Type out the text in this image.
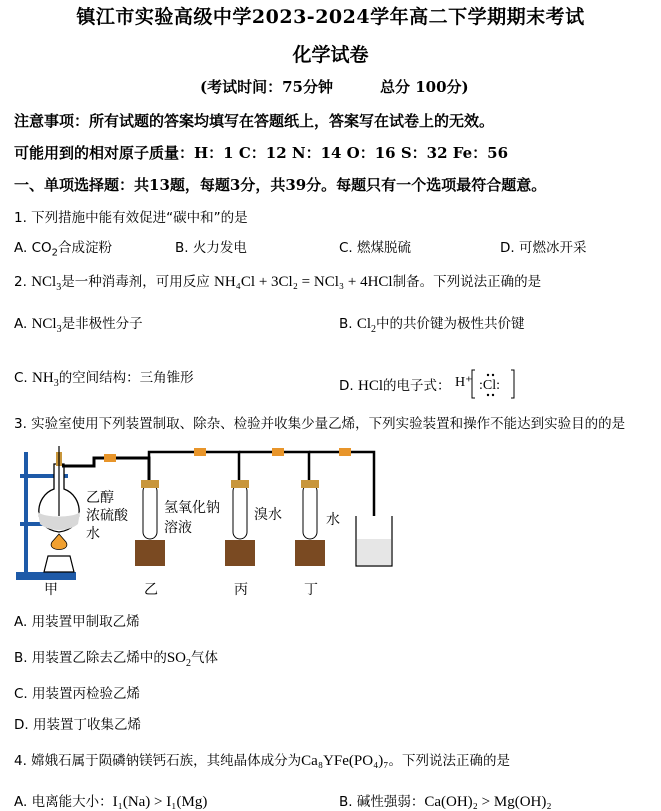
镇江市实验高级中学2023-2024学年高二下学期期末考试
化学试卷
(考试时间：75分钟	总分 100分)
注意事项：所有试题的答案均填写在答题纸上，答案写在试卷上的无效。
可能用到的相对原子质量：H：1 C：12 N：14 O：16 S：32 Fe：56
一、单项选择题：共13题，每题3分，共39分。每题只有一个选项最符合题意。
1. 下列措施中能有效促进“碳中和”的是
A. $CO_2$合成淀粉	B. 火力发电	C. 燃煤脱硫	D. 可燃冰开采
2. NCl$_3$是一种消毒剂，可用反应 NH₄Cl + 3Cl₂ = NCl₃ + 4HCl制备。下列说法正确的是
A. NCl$_3$是非极性分子	B. $Cl_2$中的共价键为极性共价键
C. $NH_3$的空间结构：三角锥形	D. HCl的电子式： H⁺ :Cl:
3. 实验室使用下列装置制取、除杂、检验并收集少量乙烯，下列实验装置和操作不能达到实验目的的是
乙醇
浓硫酸
水
氢氧化钠
溶液
溴水	水
甲	乙	丙	丁
A. 用装置甲制取乙烯
B. 用装置乙除去乙烯中的$SO_2$气体
C. 用装置丙检验乙烯
D. 用装置丁收集乙烯
4. 嫦娥石属于陨磷钠镁钙石族，其纯晶体成分为Ca₈YFe(PO₄)₇。下列说法正确的是
A. 电离能大小：I₁(Na) > I₁(Mg)	B. 碱性强弱：Ca(OH)₂ > Mg(OH)₂
